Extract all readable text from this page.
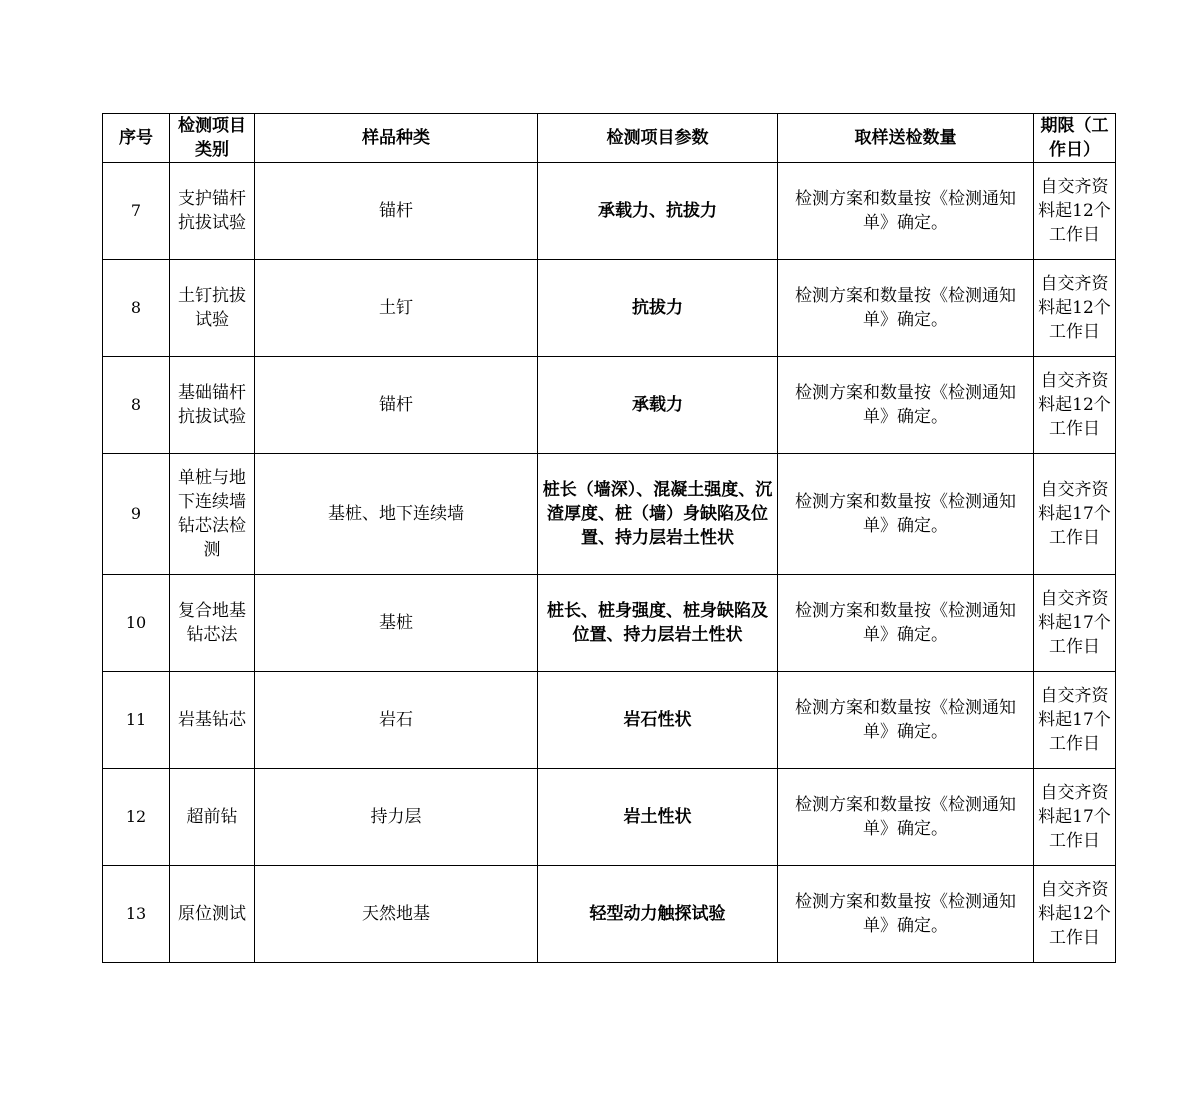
序号	检测项目类别	样品种类	检测项目参数	取样送检数量	期限（工作日）
7	支护锚杆抗拔试验	锚杆	承载力、抗拔力	检测方案和数量按《检测通知单》确定。	自交齐资料起12个工作日
8	土钉抗拔试验	土钉	抗拔力	检测方案和数量按《检测通知单》确定。	自交齐资料起12个工作日
8	基础锚杆抗拔试验	锚杆	承载力	检测方案和数量按《检测通知单》确定。	自交齐资料起12个工作日
9	单桩与地下连续墙钻芯法检测	基桩、地下连续墙	桩长（墙深）、混凝土强度、沉渣厚度、桩（墙）身缺陷及位置、持力层岩土性状	检测方案和数量按《检测通知单》确定。	自交齐资料起17个工作日
10	复合地基钻芯法	基桩	桩长、桩身强度、桩身缺陷及位置、持力层岩土性状	检测方案和数量按《检测通知单》确定。	自交齐资料起17个工作日
11	岩基钻芯	岩石	岩石性状	检测方案和数量按《检测通知单》确定。	自交齐资料起17个工作日
12	超前钻	持力层	岩土性状	检测方案和数量按《检测通知单》确定。	自交齐资料起17个工作日
13	原位测试	天然地基	轻型动力触探试验	检测方案和数量按《检测通知单》确定。	自交齐资料起12个工作日
